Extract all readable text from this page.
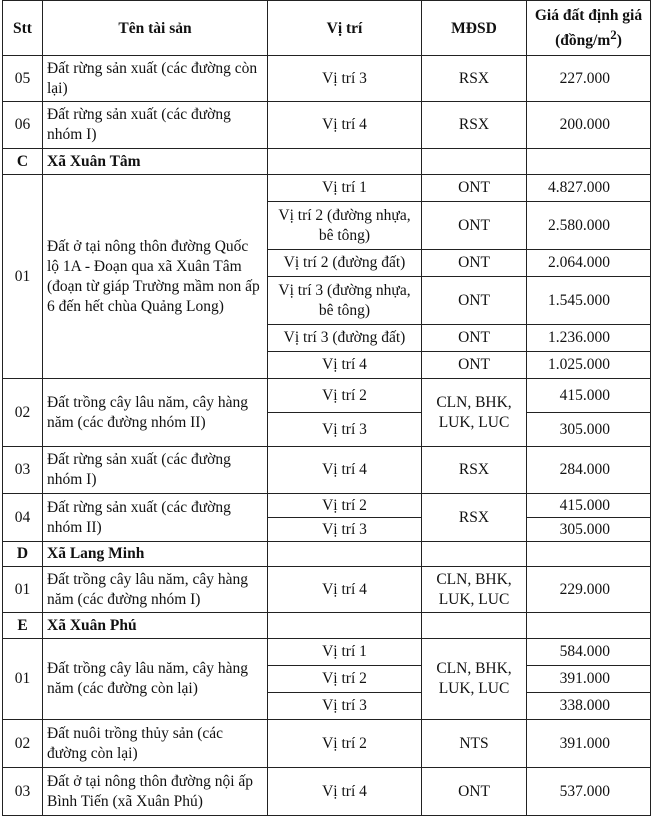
Stt	Tên tài sản	Vị trí	MĐSD	Giá đất định giá $(đồng/m^2)$
05	Đất rừng sản xuất (các đường còn lại)	Vị trí 3	RSX	227.000
06	Đất rừng sản xuất (các đường nhóm I)	Vị trí 4	RSX	200.000
C	Xã Xuân Tâm			
01	Đất ở tại nông thôn đường Quốc lộ 1A - Đoạn qua xã Xuân Tâm (đoạn từ giáp Trường mầm non ấp 6 đến hết chùa Quảng Long)	Vị trí 1	ONT	4.827.000
		Vị trí 2 (đường nhựa, bê tông)	ONT	2.580.000
		Vị trí 2 (đường đất)	ONT	2.064.000
		Vị trí 3 (đường nhựa, bê tông)	ONT	1.545.000
		Vị trí 3 (đường đất)	ONT	1.236.000
		Vị trí 4	ONT	1.025.000
02	Đất trồng cây lâu năm, cây hàng năm (các đường nhóm II)	Vị trí 2	CLN, BHK, LUK, LUC	415.000
		Vị trí 3		305.000
03	Đất rừng sản xuất (các đường nhóm I)	Vị trí 4	RSX	284.000
04	Đất rừng sản xuất (các đường nhóm II)	Vị trí 2	RSX	415.000
		Vị trí 3		305.000
D	Xã Lang Minh			
01	Đất trồng cây lâu năm, cây hàng năm (các đường nhóm I)	Vị trí 4	CLN, BHK, LUK, LUC	229.000
E	Xã Xuân Phú			
01	Đất trồng cây lâu năm, cây hàng năm (các đường còn lại)	Vị trí 1	CLN, BHK, LUK, LUC	584.000
		Vị trí 2		391.000
		Vị trí 3		338.000
02	Đất nuôi trồng thủy sản (các đường còn lại)	Vị trí 2	NTS	391.000
03	Đất ở tại nông thôn đường nội ấp Bình Tiến (xã Xuân Phú)	Vị trí 4	ONT	537.000
